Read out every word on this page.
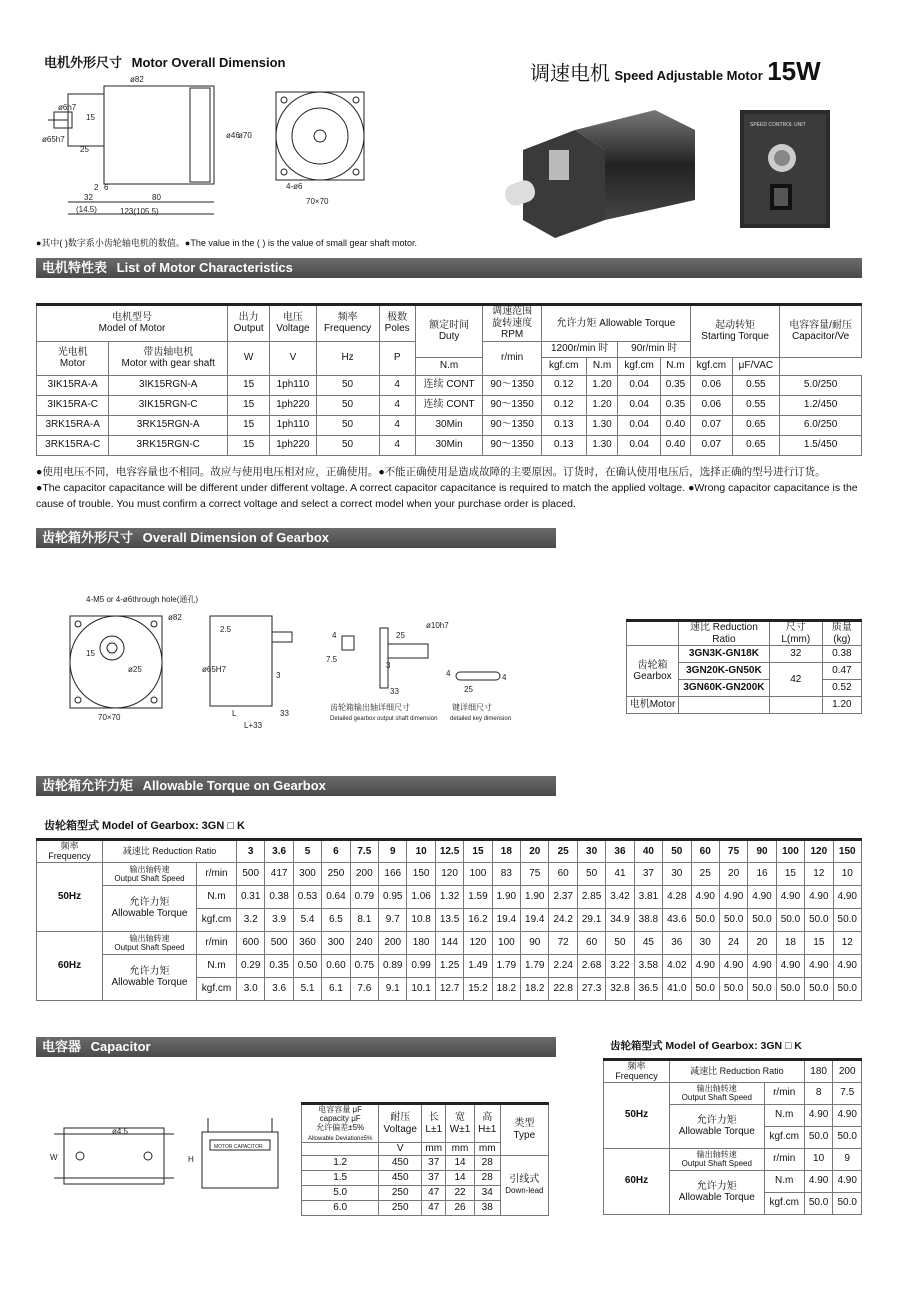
电机外形尺寸 Motor Overall Dimension
调速电机 Speed Adjustable Motor 15W
ø82
ø65h7
ø6h7
15
25
ø46
ø70
2 6
32	80
(14.5)	123(105.5)
4-ø6
70×70
●其中( )数字系小齿轮轴电机的数值。●The value in the ( ) is the value of small gear shaft motor.
SPEED CONTROL UNIT
电机特性表 List of Motor Characteristics
电机型号
Model of Motor		出力
Output	电压
Voltage	频率
Frequency	极数
Poles	额定时间
Duty	调速范围
旋转速度
RPM	允许力矩 Allowable Torque				起动转矩
Starting Torque		电容容量/耐压
Capacitor/Ve
光电机
Motor	带齿轴电机
Motor with gear shaft	W	V	Hz	P		r/min	1200r/min 时		90r/min 时				
						N.m		kgf.cm	N.m	kgf.cm	N.m	kgf.cm	μF/VAC	
3IK15RA-A	3IK15RGN-A	15	1ph110	50	4	连续 CONT	90～1350	0.12	1.20	0.04	0.35	0.06	0.55	5.0/250
3IK15RA-C	3IK15RGN-C	15	1ph220	50	4	连续 CONT	90～1350	0.12	1.20	0.04	0.35	0.06	0.55	1.2/450
3RK15RA-A	3RK15RGN-A	15	1ph110	50	4	30Min	90～1350	0.13	1.30	0.04	0.40	0.07	0.65	6.0/250
3RK15RA-C	3RK15RGN-C	15	1ph220	50	4	30Min	90～1350	0.13	1.30	0.04	0.40	0.07	0.65	1.5/450
●使用电压不同，电容容量也不相同。故应与使用电压相对应，正确使用。●不能正确使用是造成故障的主要原因。订货时，在确认使用电压后，选择正确的型号进行订货。
●The capacitor capacitance will be different under different voltage. A correct capacitor capacitance is required to match the applied voltage. ●Wrong capacitor capacitance is the cause of trouble. You must confirm a correct voltage and select a correct model when your purchase order is placed.
齿轮箱外形尺寸 Overall Dimension of Gearbox
4-M5 or 4-ø6through hole(通孔)
ø82
15
ø25
70×70
2.5
ø65H7
3
L	33
L+33
4	25
7.5
3
33
ø10h7
4
25
4
齿轮箱输出轴详细尺寸
Detailed gearbox output shaft dimension
键详细尺寸
detailed key dimension
	速比 Reduction Ratio	尺寸 L(mm)	质量(kg)
齿轮箱
Gearbox	3GN3K-GN18K	32	0.38
	3GN20K-GN50K	42	0.47
	3GN60K-GN200K		0.52
电机Motor			1.20
齿轮箱允许力矩 Allowable Torque on Gearbox
齿轮箱型式 Model of Gearbox: 3GN □ K
频率 Frequency	减速比 Reduction Ratio		3	3.6	5	6	7.5	9	10	12.5	15	18	20	25	30	36	40	50	60	75	90	100	120	150
50Hz	输出轴转速
Output Shaft Speed	r/min	500	417	300	250	200	166	150	120	100	83	75	60	50	41	37	30	25	20	16	15	12	10
	允许力矩
Allowable Torque	N.m	0.31	0.38	0.53	0.64	0.79	0.95	1.06	1.32	1.59	1.90	1.90	2.37	2.85	3.42	3.81	4.28	4.90	4.90	4.90	4.90	4.90	4.90
		kgf.cm	3.2	3.9	5.4	6.5	8.1	9.7	10.8	13.5	16.2	19.4	19.4	24.2	29.1	34.9	38.8	43.6	50.0	50.0	50.0	50.0	50.0	50.0
60Hz	输出轴转速
Output Shaft Speed	r/min	600	500	360	300	240	200	180	144	120	100	90	72	60	50	45	36	30	24	20	18	15	12
	允许力矩
Allowable Torque	N.m	0.29	0.35	0.50	0.60	0.75	0.89	0.99	1.25	1.49	1.79	1.79	2.24	2.68	3.22	3.58	4.02	4.90	4.90	4.90	4.90	4.90	4.90
		kgf.cm	3.0	3.6	5.1	6.1	7.6	9.1	10.1	12.7	15.2	18.2	18.2	22.8	27.3	32.8	36.5	41.0	50.0	50.0	50.0	50.0	50.0	50.0
电容器 Capacitor
ø4.5
W
MOTOR CAPACITOR
H
电容容量 μF
capacity μF
允许偏差±5%
Allowable Deviation±5%	耐压
Voltage	长
L±1	宽
W±1	高
H±1	类型
Type
	V	mm	mm	mm	
1.2	450	37	14	28	引线式
Down-lead
1.5	450	37	14	28	
5.0	250	47	22	34	
6.0	250	47	26	38	
齿轮箱型式 Model of Gearbox: 3GN □ K
频率 Frequency	减速比 Reduction Ratio		180	200
50Hz	输出轴转速
Output Shaft Speed	r/min	8	7.5
	允许力矩
Allowable Torque	N.m	4.90	4.90
		kgf.cm	50.0	50.0
60Hz	输出轴转速
Output Shaft Speed	r/min	10	9
	允许力矩
Allowable Torque	N.m	4.90	4.90
		kgf.cm	50.0	50.0
